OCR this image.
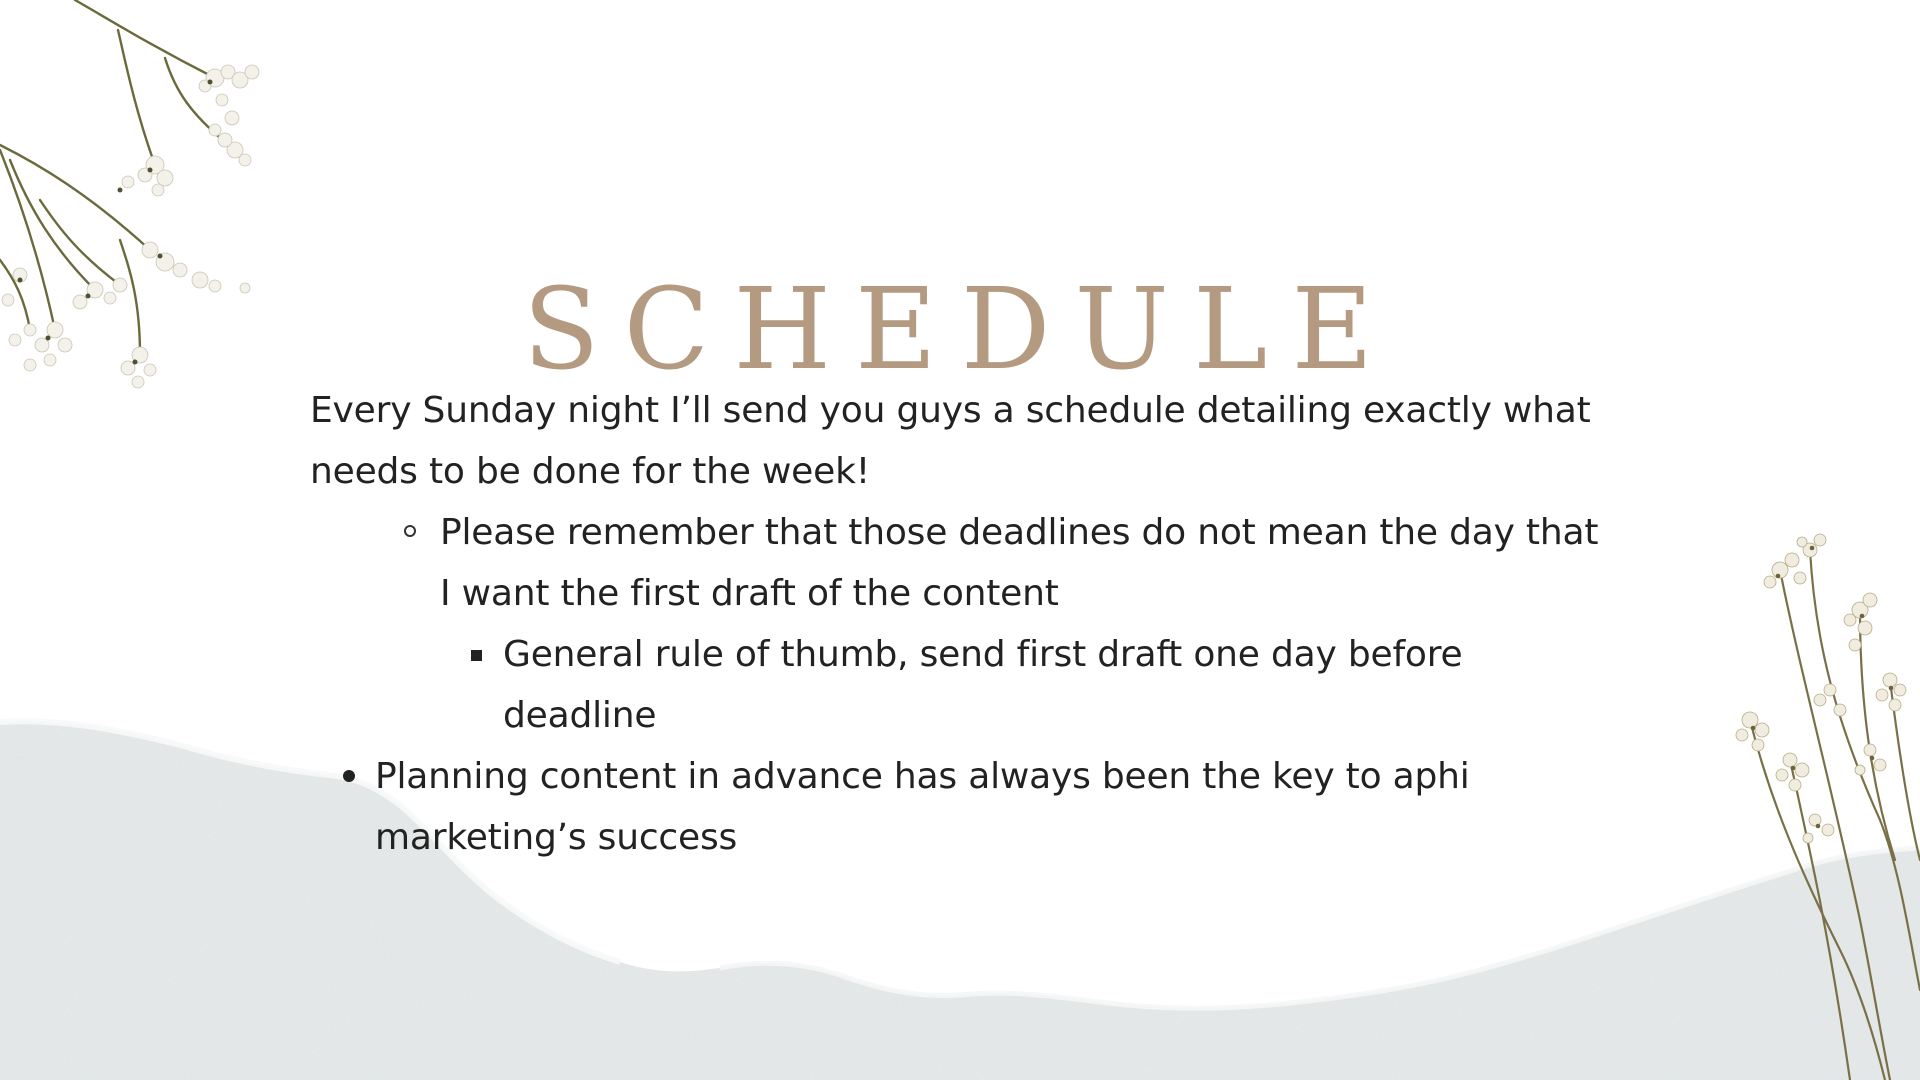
SCHEDULE

Every Sunday night I’ll send you guys a schedule detailing exactly what needs to be done for the week!

Please remember that those deadlines do not mean the day that I want the first draft of the content
General rule of thumb, send first draft one day before deadline
Planning content in advance has always been the key to aphi marketing’s success
